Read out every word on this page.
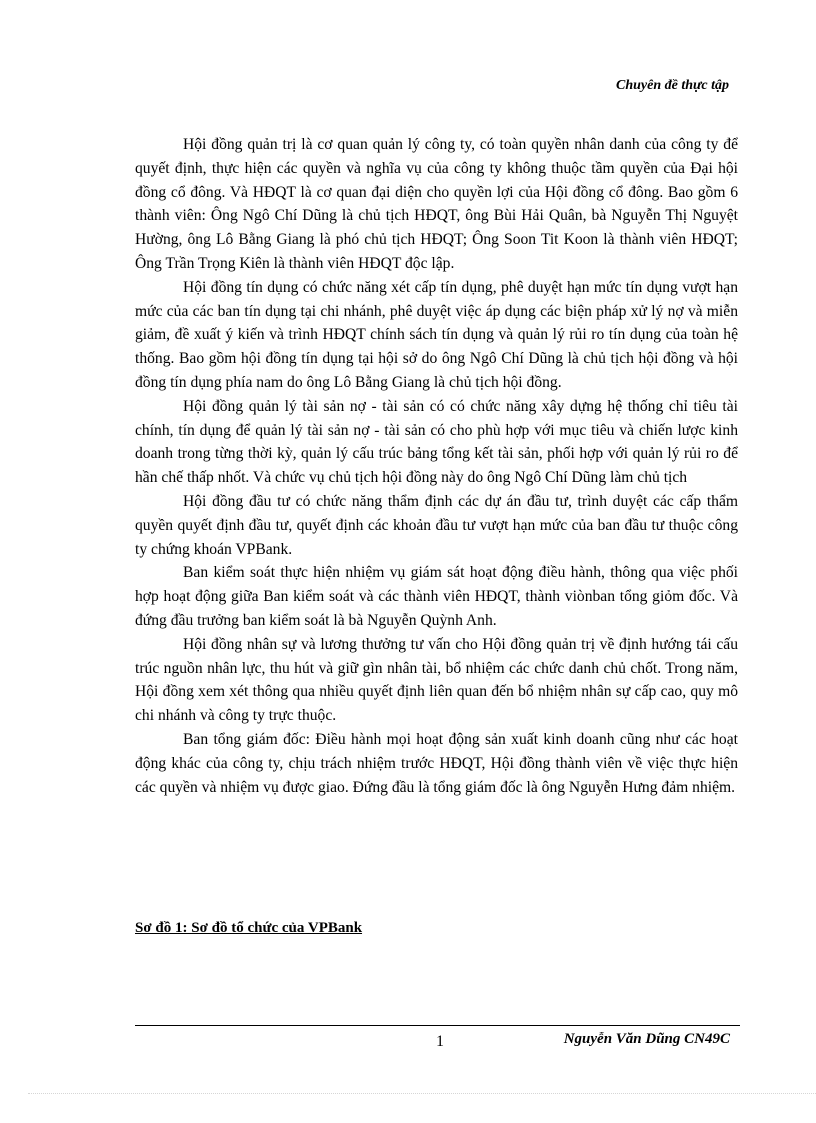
Chuyên đề thực tập

Hội đồng quản trị là cơ quan quản lý công ty, có toàn quyền nhân danh của công ty để quyết định, thực hiện các quyền và nghĩa vụ của công ty không thuộc tầm quyền của Đại hội đồng cổ đông. Và HĐQT là cơ quan đại diện cho quyền lợi của Hội đồng cổ đông. Bao gồm 6 thành viên: Ông Ngô Chí Dũng là chủ tịch HĐQT, ông Bùi Hải Quân, bà Nguyễn Thị Nguyệt Hường, ông Lô Bằng Giang là phó chủ tịch HĐQT; Ông Soon Tit Koon là thành viên HĐQT; Ông Trần Trọng Kiên là thành viên HĐQT độc lập.

Hội đồng tín dụng có chức năng xét cấp tín dụng, phê duyệt hạn mức tín dụng vượt hạn mức của các ban tín dụng tại chi nhánh, phê duyệt việc áp dụng các biện pháp xử lý nợ và miễn giảm, đề xuất ý kiến và trình HĐQT chính sách tín dụng và quản lý rủi ro tín dụng của toàn hệ thống. Bao gồm hội đồng tín dụng tại hội sở do ông Ngô Chí Dũng là chủ tịch hội đồng và hội đồng tín dụng phía nam do ông Lô Bằng Giang là chủ tịch hội đồng.

Hội đồng quản lý tài sản nợ - tài sản có có chức năng xây dựng hệ thống chỉ tiêu tài chính, tín dụng để quản lý tài sản nợ - tài sản có cho phù hợp với mục tiêu và chiến lược kinh doanh trong từng thời kỳ, quản lý cấu trúc bảng tổng kết tài sản, phối hợp với quản lý rủi ro để hần chế thấp nhốt. Và chức vụ chủ tịch hội đồng này do ông Ngô Chí Dũng làm chủ tịch

Hội đồng đầu tư có chức năng thẩm định các dự án đầu tư, trình duyệt các cấp thẩm quyền quyết định đầu tư, quyết định các khoản đầu tư vượt hạn mức của ban đầu tư thuộc công ty chứng khoán VPBank.

Ban kiểm soát thực hiện nhiệm vụ giám sát hoạt động điều hành, thông qua việc phối hợp hoạt động giữa Ban kiểm soát và các thành viên HĐQT, thành viònban tổng giỏm đốc. Và đứng đầu trưởng ban kiểm soát là bà Nguyễn Quỳnh Anh.

Hội đồng nhân sự và lương thưởng tư vấn cho Hội đồng quản trị về định hướng tái cấu trúc nguồn nhân lực, thu hút và giữ gìn nhân tài, bổ nhiệm các chức danh chủ chốt. Trong năm, Hội đồng xem xét thông qua nhiều quyết định liên quan đến bổ nhiệm nhân sự cấp cao, quy mô chi nhánh và công ty trực thuộc.

Ban tổng giám đốc: Điều hành mọi hoạt động sản xuất kinh doanh cũng như các hoạt động khác của công ty, chịu trách nhiệm trước HĐQT, Hội đồng thành viên về việc thực hiện các quyền và nhiệm vụ được giao. Đứng đầu là tổng giám đốc là ông Nguyễn Hưng đảm nhiệm.

Sơ đồ 1: Sơ đồ tổ chức của VPBank
1	Nguyễn Văn Dũng CN49C
